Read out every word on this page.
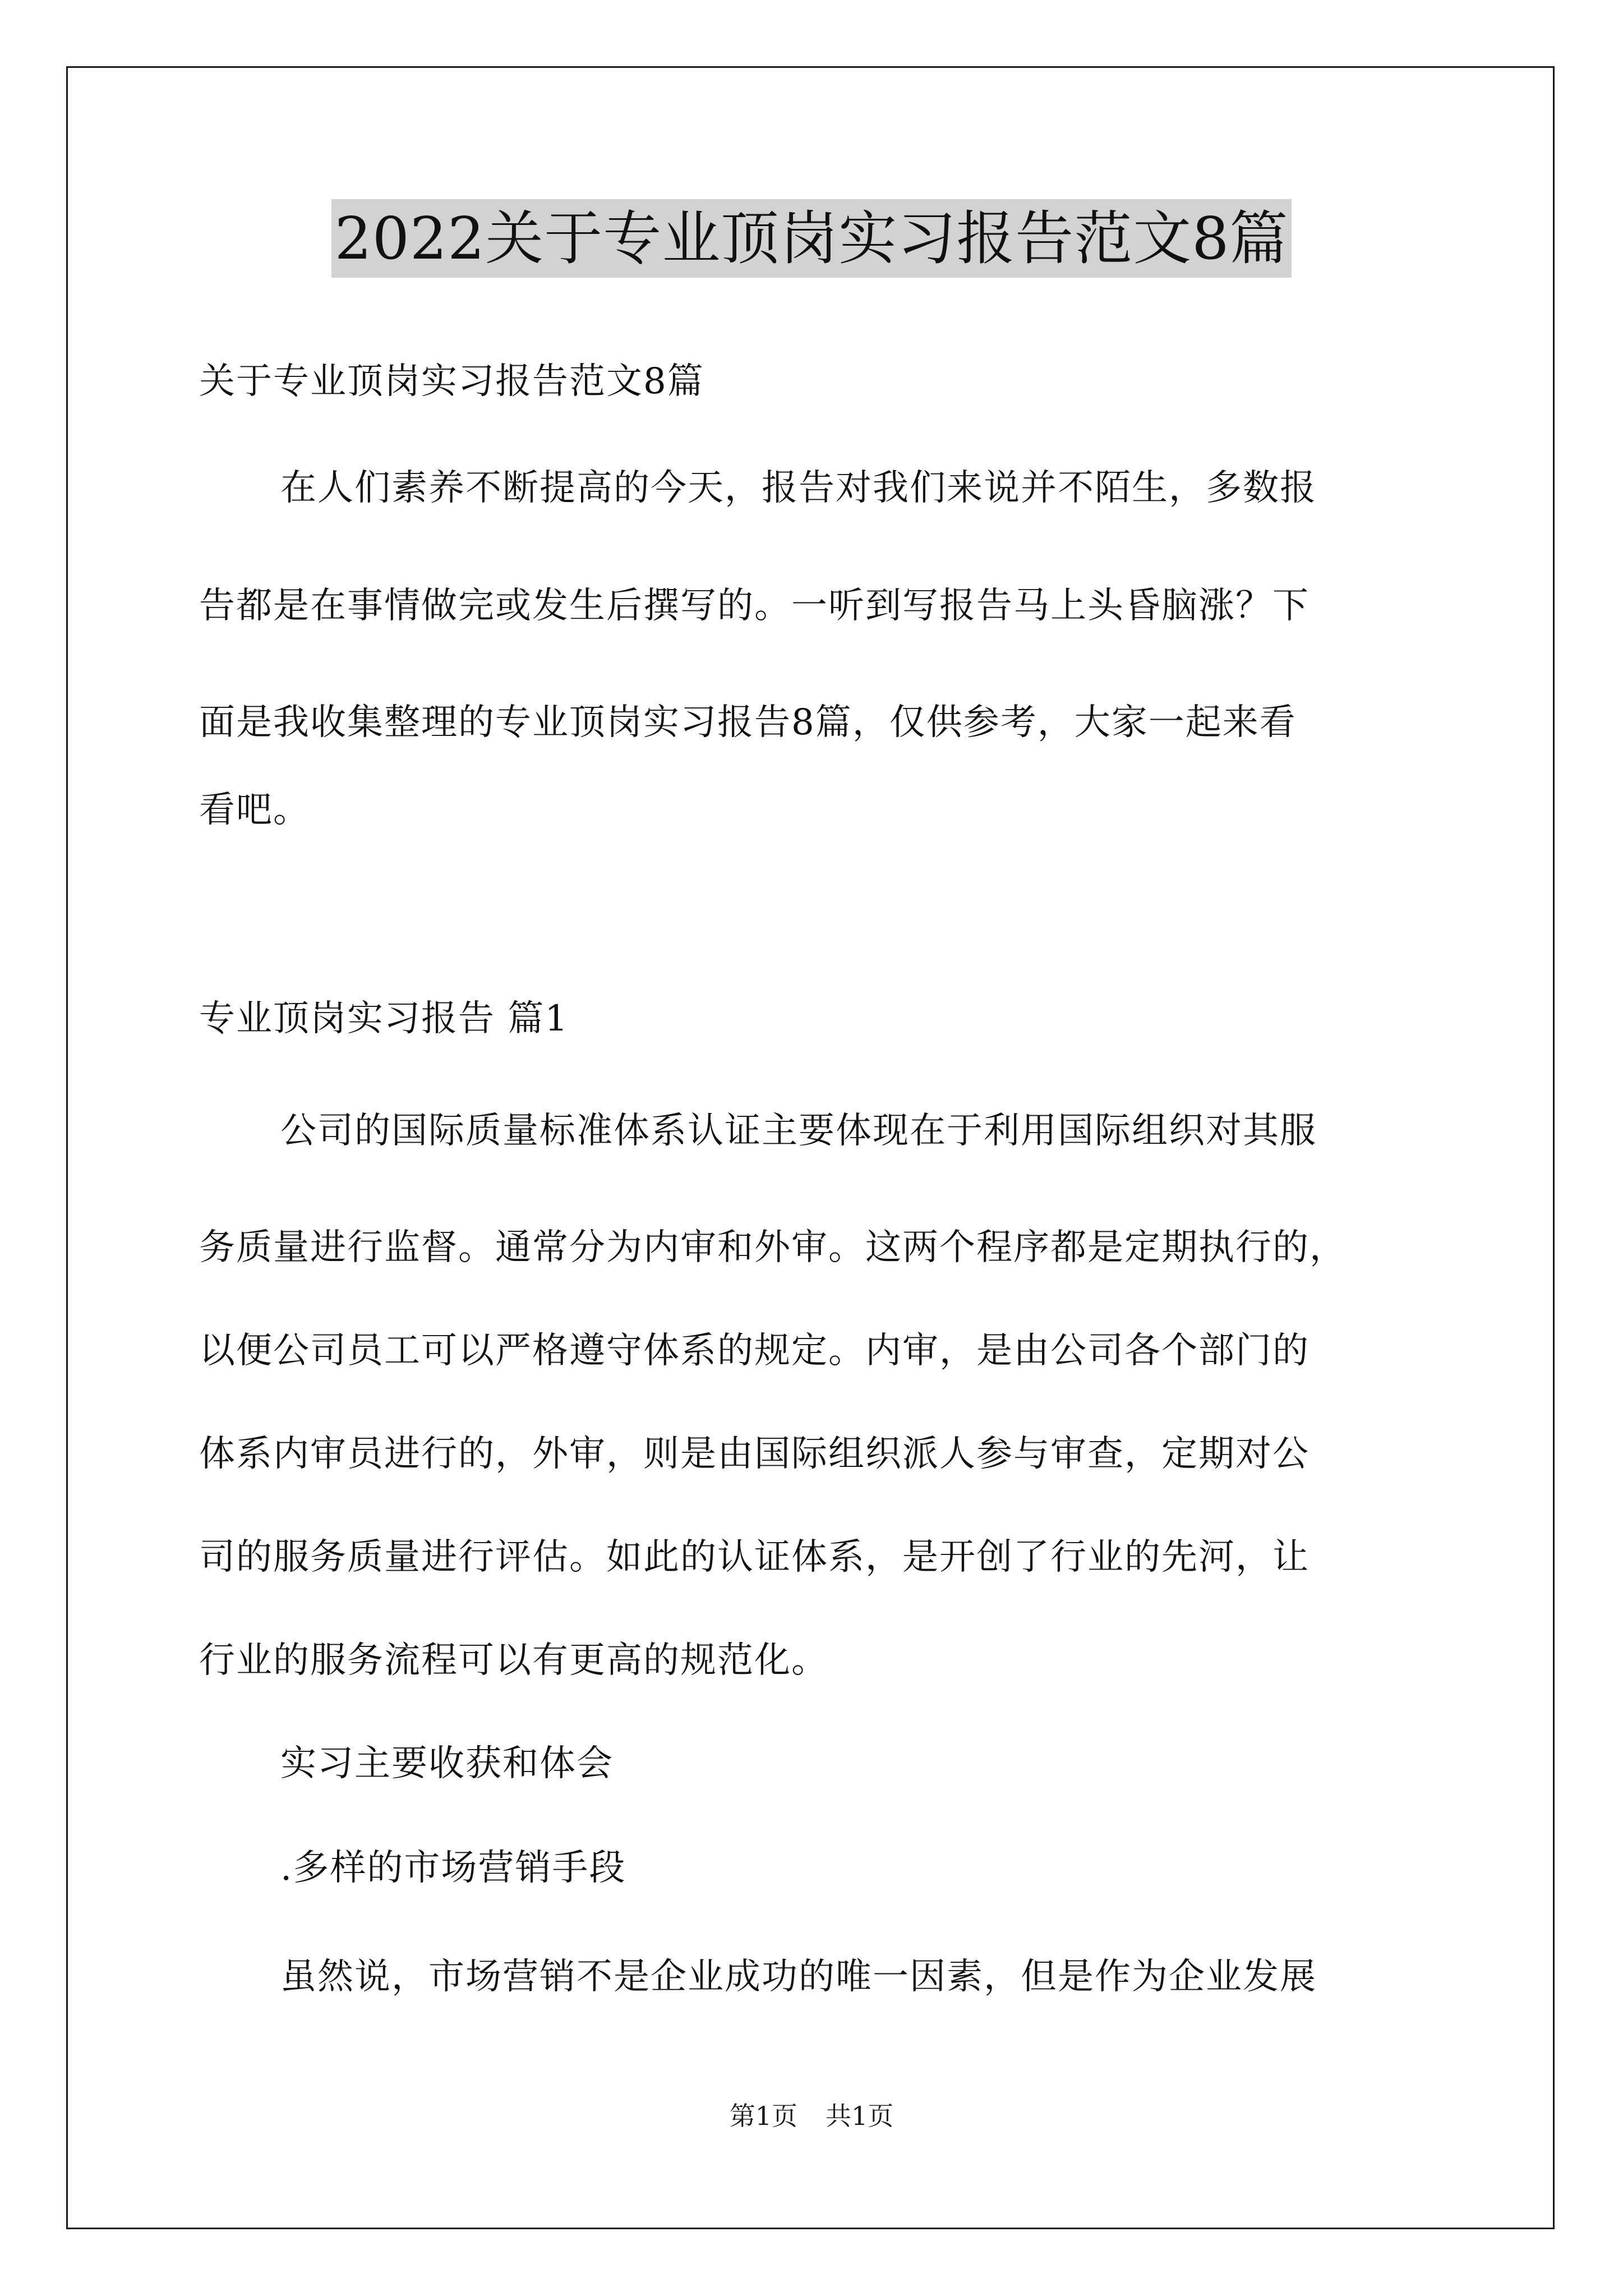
2022关于专业顶岗实习报告范文8篇
关于专业顶岗实习报告范文8篇
在人们素养不断提高的今天，报告对我们来说并不陌生，多数报
告都是在事情做完或发生后撰写的。一听到写报告马上头昏脑涨？下
面是我收集整理的专业顶岗实习报告8篇，仅供参考，大家一起来看
看吧。
专业顶岗实习报告 篇1
公司的国际质量标准体系认证主要体现在于利用国际组织对其服
务质量进行监督。通常分为内审和外审。这两个程序都是定期执行的，
以便公司员工可以严格遵守体系的规定。内审，是由公司各个部门的
体系内审员进行的，外审，则是由国际组织派人参与审查，定期对公
司的服务质量进行评估。如此的认证体系，是开创了行业的先河，让
行业的服务流程可以有更高的规范化。
实习主要收获和体会
.多样的市场营销手段
虽然说，市场营销不是企业成功的唯一因素，但是作为企业发展
第1页 共1页
